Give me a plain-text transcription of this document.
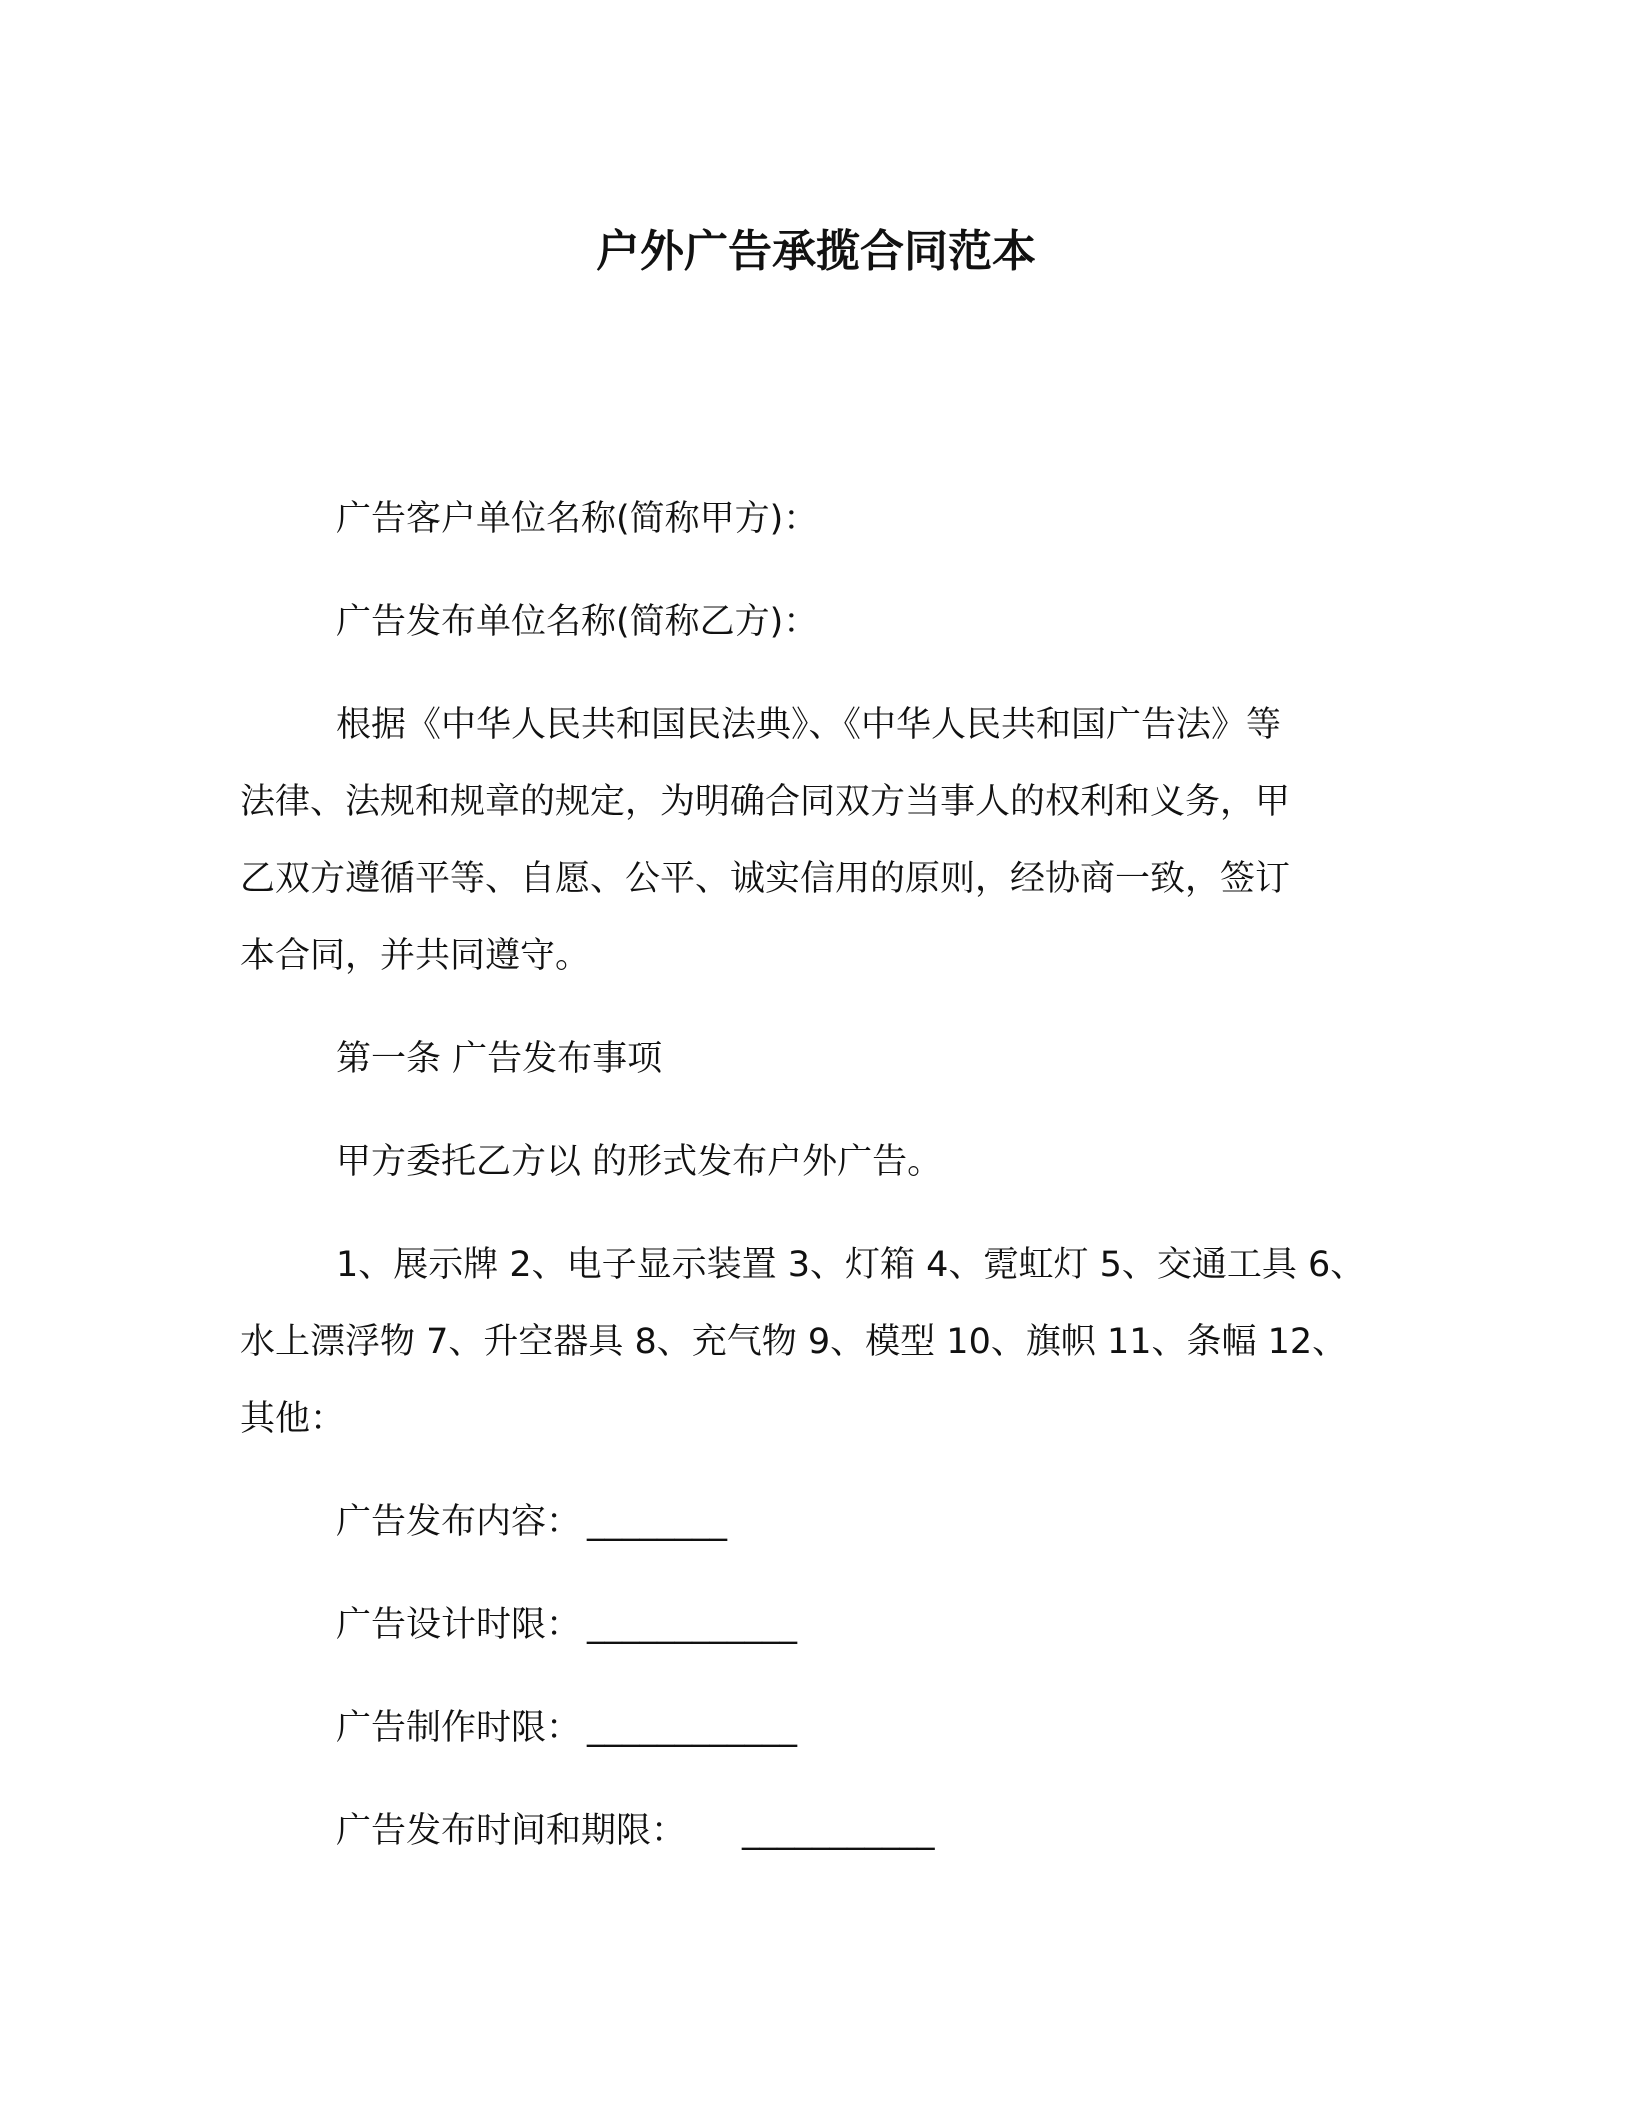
户外广告承揽合同范本
广告客户单位名称(简称甲方)：
广告发布单位名称(简称乙方)：
根据《中华人民共和国民法典》、《中华人民共和国广告法》等
法律、法规和规章的规定，为明确合同双方当事人的权利和义务，甲
乙双方遵循平等、自愿、公平、诚实信用的原则，经协商一致，签订
本合同，并共同遵守。
第一条 广告发布事项
甲方委托乙方以 的形式发布户外广告。
1、展示牌 2、电子显示装置 3、灯箱 4、霓虹灯 5、交通工具 6、
水上漂浮物 7、升空器具 8、充气物 9、模型 10、旗帜 11、条幅 12、
其他：
广告发布内容： ________
广告设计时限： ____________
广告制作时限： ____________
广告发布时间和期限： ___________
